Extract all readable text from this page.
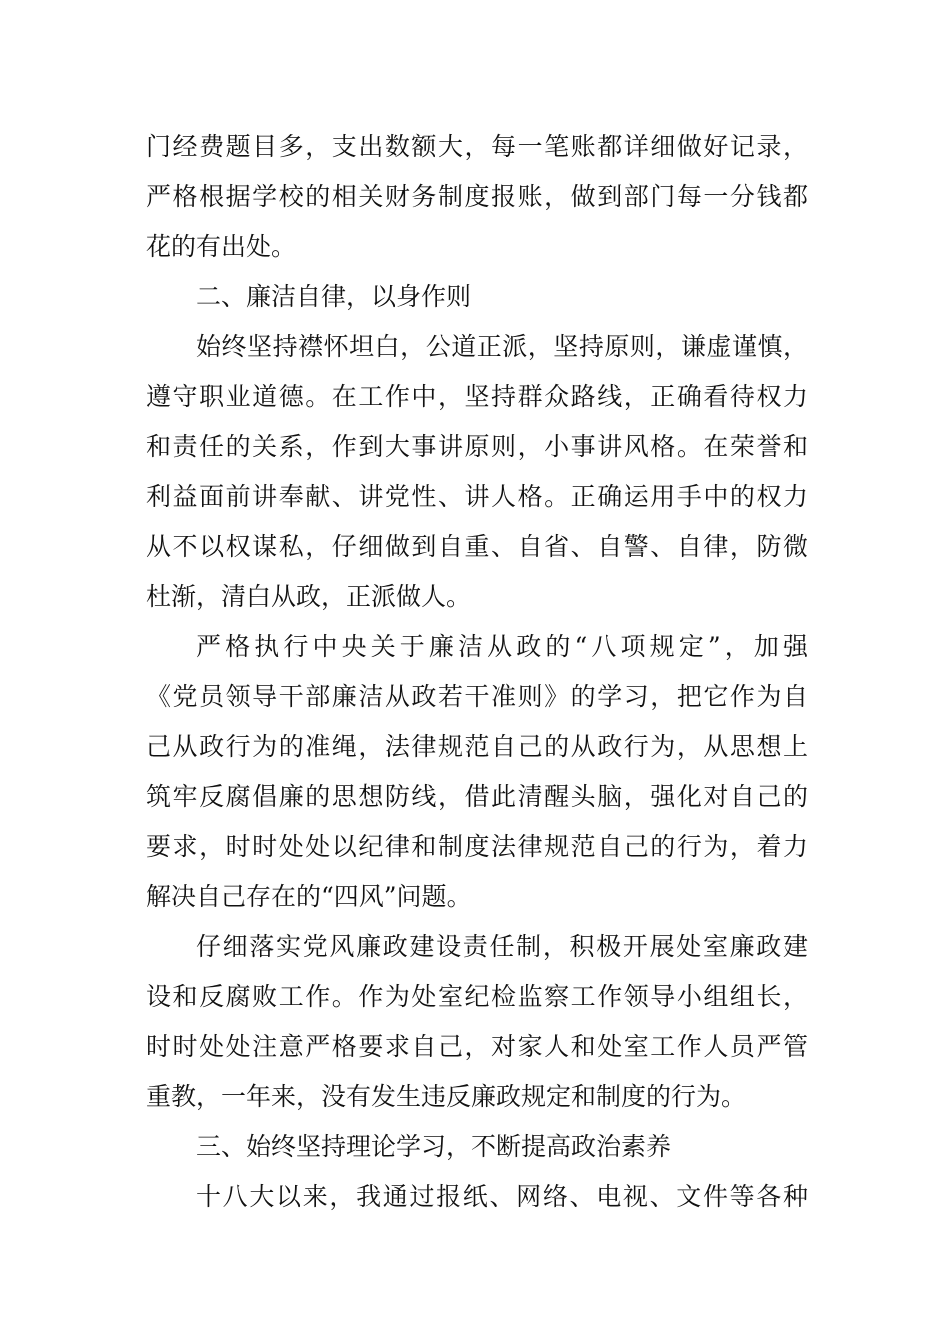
门经费题目多，支出数额大，每一笔账都详细做好记录，
严格根据学校的相关财务制度报账，做到部门每一分钱都
花的有出处。
二、廉洁自律，以身作则
始终坚持襟怀坦白，公道正派，坚持原则，谦虚谨慎，
遵守职业道德。在工作中，坚持群众路线，正确看待权力
和责任的关系，作到大事讲原则，小事讲风格。在荣誉和
利益面前讲奉献、讲党性、讲人格。正确运用手中的权力
从不以权谋私，仔细做到自重、自省、自警、自律，防微
杜渐，清白从政，正派做人。
严格执行中央关于廉洁从政的“八项规定”，加强
《党员领导干部廉洁从政若干准则》的学习，把它作为自
己从政行为的准绳，法律规范自己的从政行为，从思想上
筑牢反腐倡廉的思想防线，借此清醒头脑，强化对自己的
要求，时时处处以纪律和制度法律规范自己的行为，着力
解决自己存在的“四风”问题。
仔细落实党风廉政建设责任制，积极开展处室廉政建
设和反腐败工作。作为处室纪检监察工作领导小组组长，
时时处处注意严格要求自己，对家人和处室工作人员严管
重教，一年来，没有发生违反廉政规定和制度的行为。
三、始终坚持理论学习，不断提高政治素养
十八大以来，我通过报纸、网络、电视、文件等各种
